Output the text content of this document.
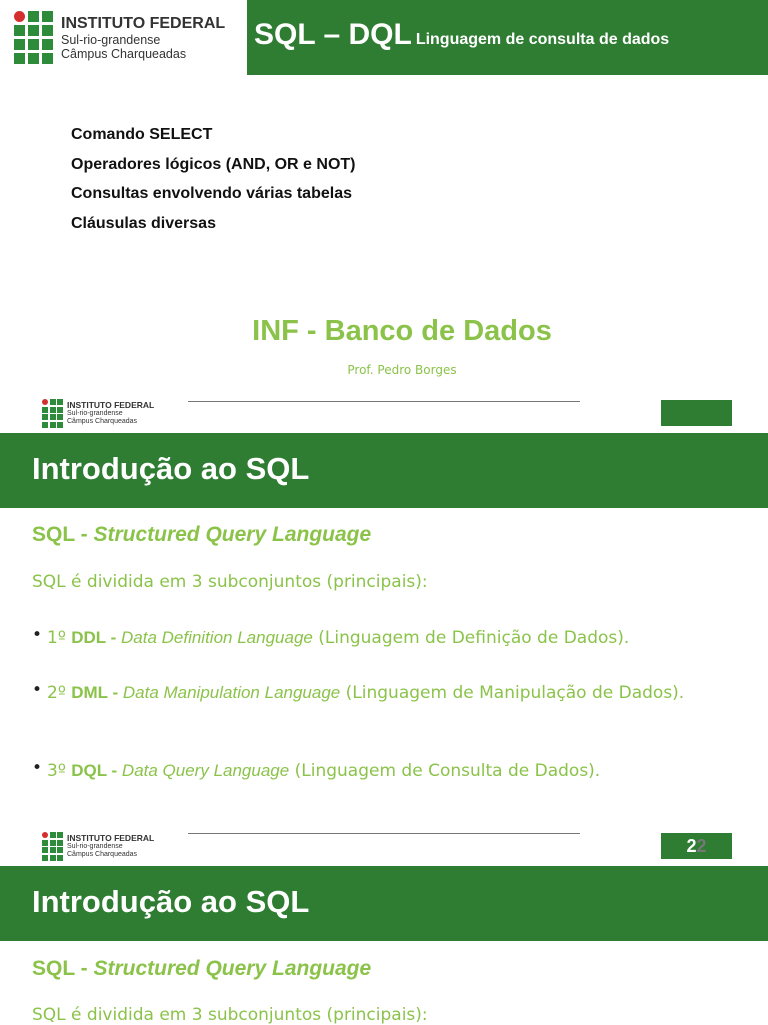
INSTITUTO FEDERAL
Sul-rio-grandense
Câmpus Charqueadas
SQL – DQL Linguagem de consulta de dados
Comando SELECT
Operadores lógicos (AND, OR e NOT)
Consultas envolvendo várias tabelas
Cláusulas diversas
INF - Banco de Dados
Prof. Pedro Borges
INSTITUTO FEDERAL
Sul-rio-grandense
Câmpus Charqueadas
Introdução ao SQL
SQL - Structured Query Language
SQL é dividida em 3 subconjuntos (principais):
• 1º DDL - Data Definition Language (Linguagem de Definição de Dados).
• 2º DML - Data Manipulation Language (Linguagem de Manipulação de Dados).
• 3º DQL - Data Query Language (Linguagem de Consulta de Dados).
INSTITUTO FEDERAL
Sul-rio-grandense
Câmpus Charqueadas	22
Introdução ao SQL
SQL - Structured Query Language
SQL é dividida em 3 subconjuntos (principais):
